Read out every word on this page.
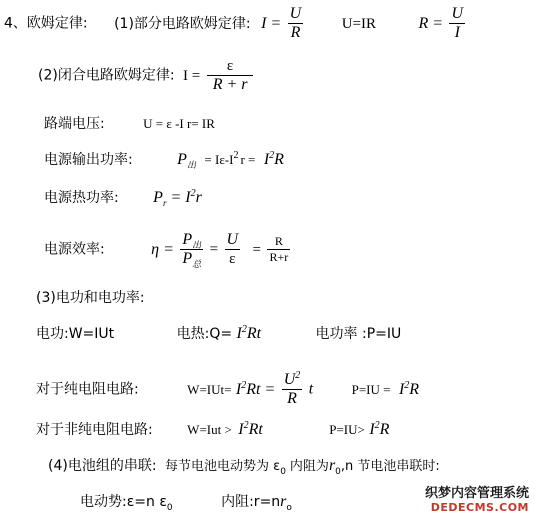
4、欧姆定律: (1)部分电路欧姆定律: $I = \frac{U}{R}$	U=IR	$R = \frac{U}{I}$
(2)闭合电路欧姆定律: $I = \frac{\varepsilon}{R + r}$
路端电压:	U = ε -I r= IR
电源输出功率:	$P_出 = I\varepsilon-I^2$ $r = I^2R$
电源热功率: $P_r = I^2r$
电源效率:	$\eta = \frac{P_出}{P_总} = \frac{U}{\varepsilon} = \frac{R}{R+r}$
(3)电功和电功率:
电功:W=IUt	电热:Q= $I^2Rt$	电功率 :P=IU
对于纯电阻电路:	$W=IUt= I^2Rt = \frac{U^2}{R}$ t	$P=IU = I^2R$
对于非纯电阻电路:	$W=Iut > I^2Rt$	$P=IU> I^2R$
(4)电池组的串联: 每节电池电动势为 $\varepsilon_0$ 内阻为$r_0,n$ 节电池串联时:
电动势:ε=n $\varepsilon_0$	内阻$:r=nr_o$
织梦内容管理系统
DEDECMS.COM
